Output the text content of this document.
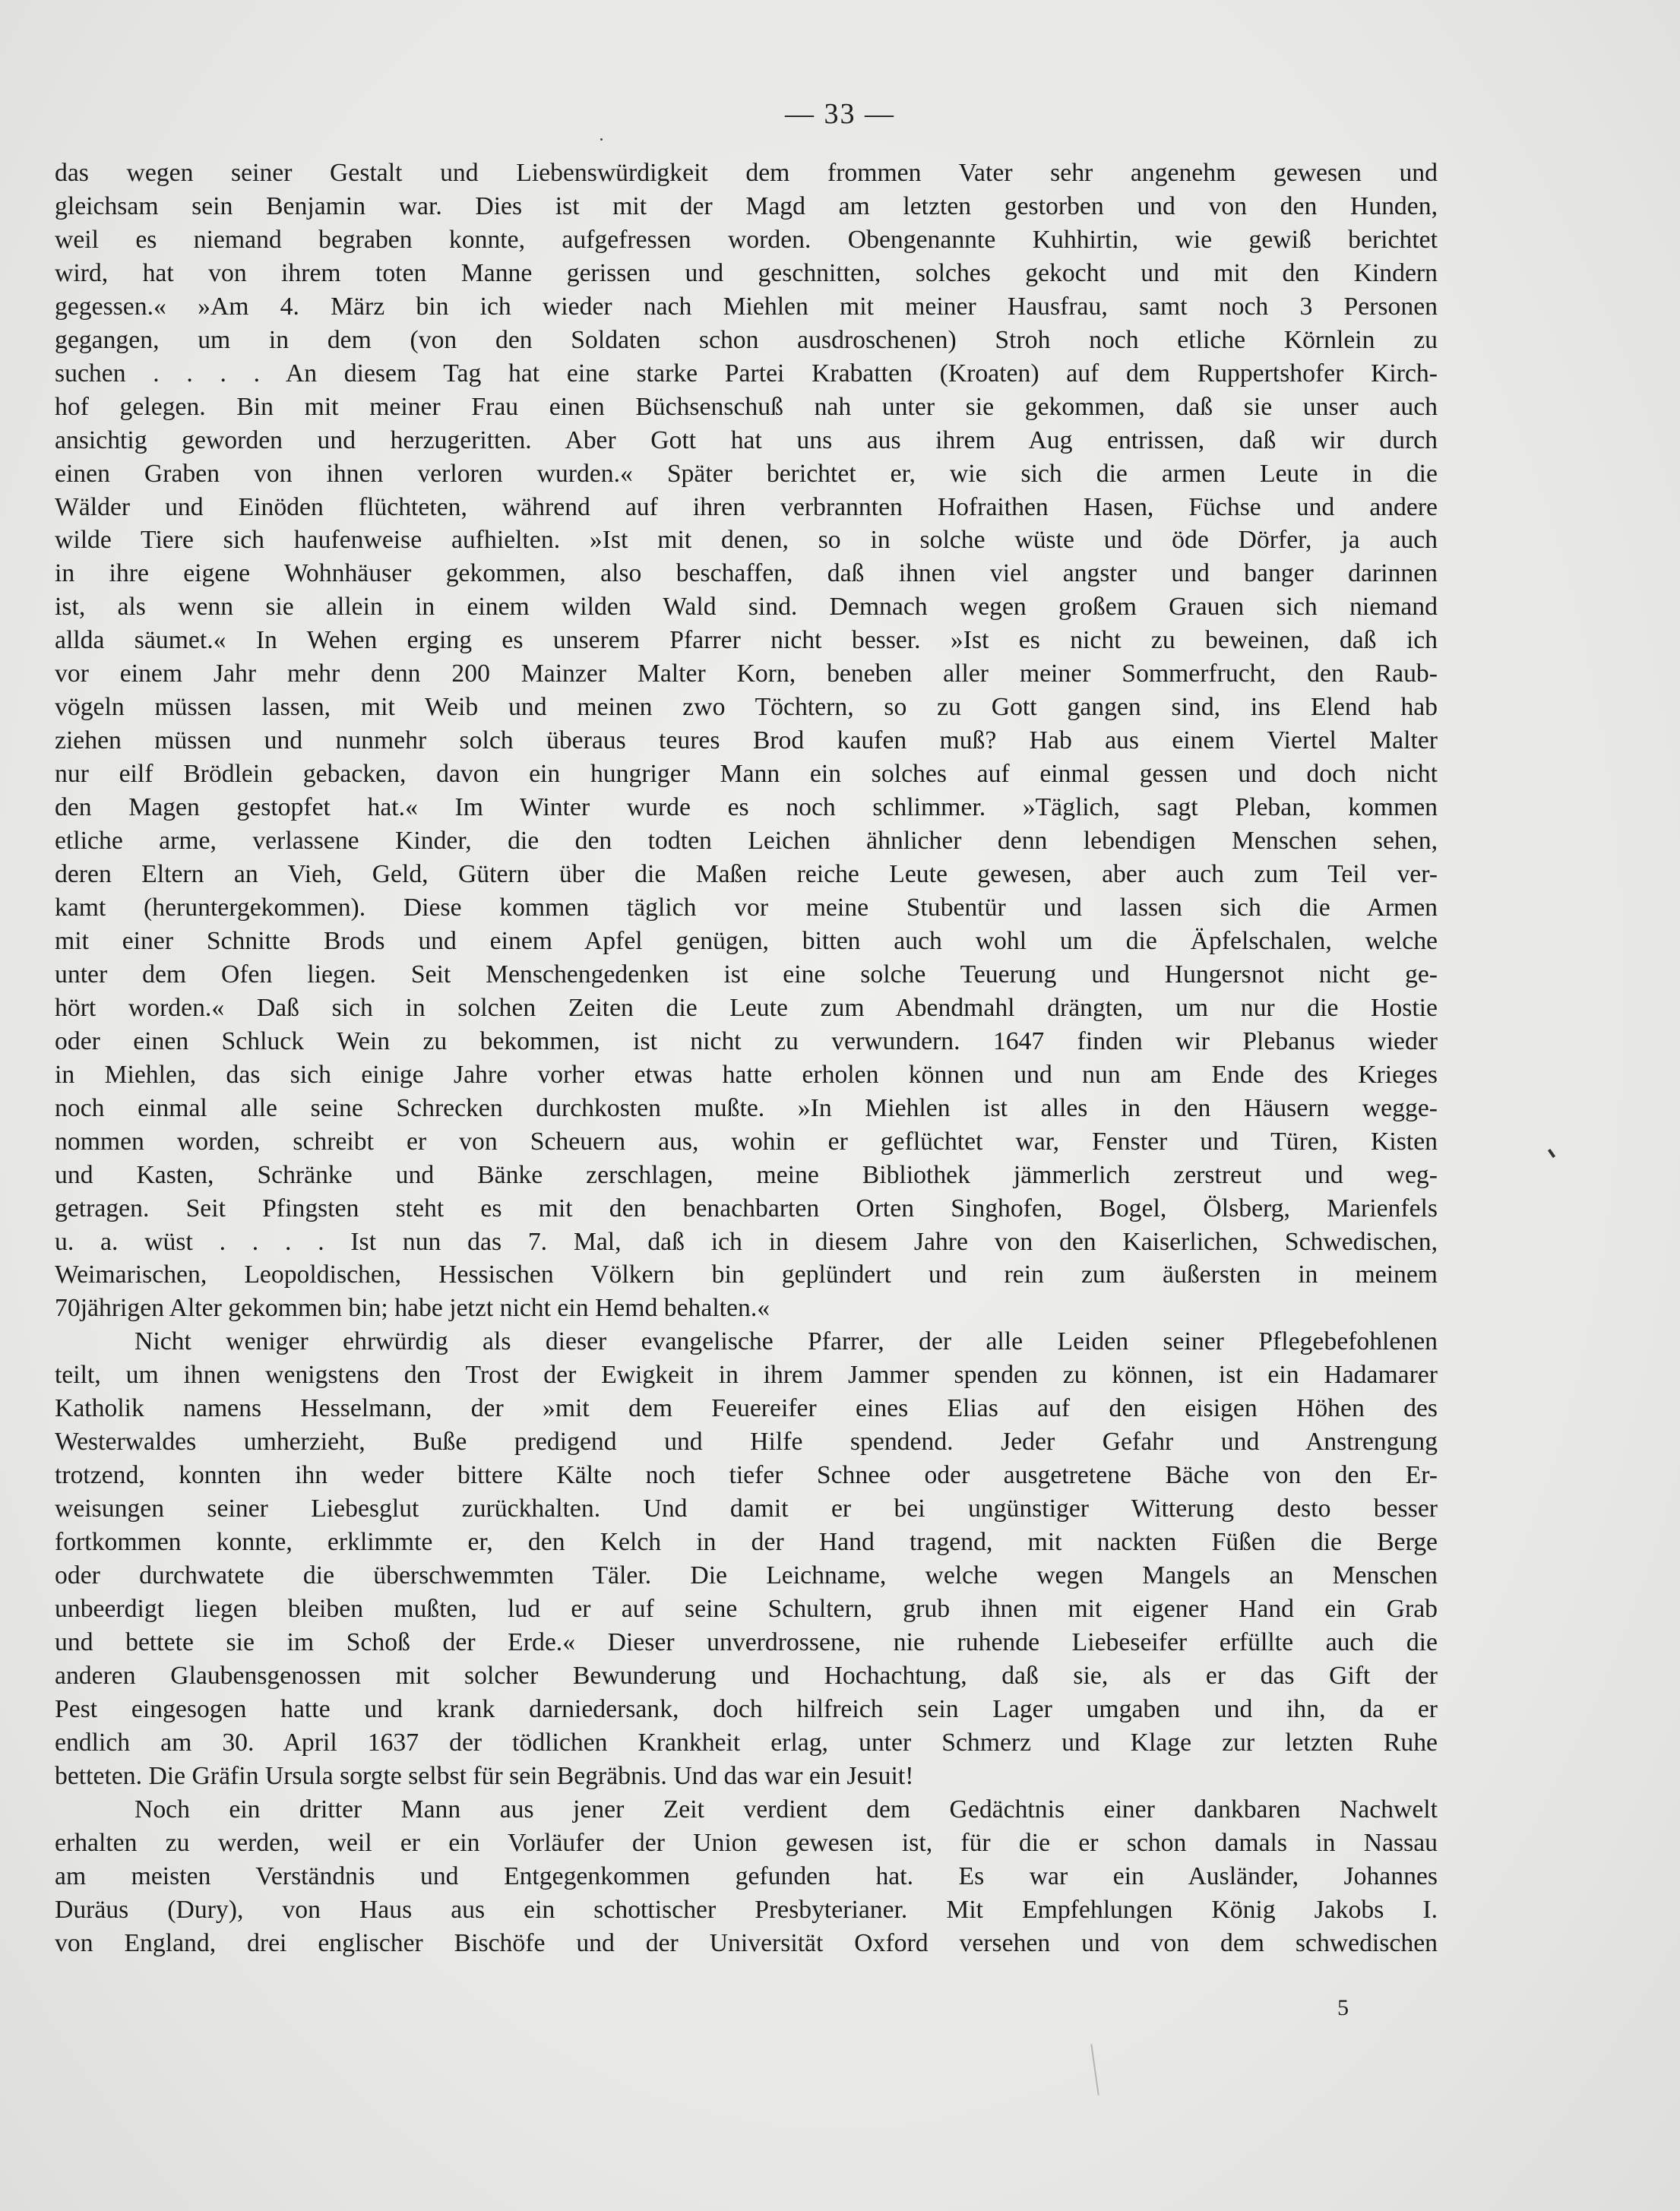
— 33 —
das wegen seiner Gestalt und Liebenswürdigkeit dem frommen Vater sehr angenehm gewesen und
gleichsam sein Benjamin war. Dies ist mit der Magd am letzten gestorben und von den Hunden,
weil es niemand begraben konnte, aufgefressen worden. Obengenannte Kuhhirtin, wie gewiß berichtet
wird, hat von ihrem toten Manne gerissen und geschnitten, solches gekocht und mit den Kindern
gegessen.« »Am 4. März bin ich wieder nach Miehlen mit meiner Hausfrau, samt noch 3 Personen
gegangen, um in dem (von den Soldaten schon ausdroschenen) Stroh noch etliche Körnlein zu
suchen . . . . An diesem Tag hat eine starke Partei Krabatten (Kroaten) auf dem Ruppertshofer Kirch-
hof gelegen. Bin mit meiner Frau einen Büchsenschuß nah unter sie gekommen, daß sie unser auch
ansichtig geworden und herzugeritten. Aber Gott hat uns aus ihrem Aug entrissen, daß wir durch
einen Graben von ihnen verloren wurden.« Später berichtet er, wie sich die armen Leute in die
Wälder und Einöden flüchteten, während auf ihren verbrannten Hofraithen Hasen, Füchse und andere
wilde Tiere sich haufenweise aufhielten. »Ist mit denen, so in solche wüste und öde Dörfer, ja auch
in ihre eigene Wohnhäuser gekommen, also beschaffen, daß ihnen viel angster und banger darinnen
ist, als wenn sie allein in einem wilden Wald sind. Demnach wegen großem Grauen sich niemand
allda säumet.« In Wehen erging es unserem Pfarrer nicht besser. »Ist es nicht zu beweinen, daß ich
vor einem Jahr mehr denn 200 Mainzer Malter Korn, beneben aller meiner Sommerfrucht, den Raub-
vögeln müssen lassen, mit Weib und meinen zwo Töchtern, so zu Gott gangen sind, ins Elend hab
ziehen müssen und nunmehr solch überaus teures Brod kaufen muß? Hab aus einem Viertel Malter
nur eilf Brödlein gebacken, davon ein hungriger Mann ein solches auf einmal gessen und doch nicht
den Magen gestopfet hat.« Im Winter wurde es noch schlimmer. »Täglich, sagt Pleban, kommen
etliche arme, verlassene Kinder, die den todten Leichen ähnlicher denn lebendigen Menschen sehen,
deren Eltern an Vieh, Geld, Gütern über die Maßen reiche Leute gewesen, aber auch zum Teil ver-
kamt (heruntergekommen). Diese kommen täglich vor meine Stubentür und lassen sich die Armen
mit einer Schnitte Brods und einem Apfel genügen, bitten auch wohl um die Äpfelschalen, welche
unter dem Ofen liegen. Seit Menschengedenken ist eine solche Teuerung und Hungersnot nicht ge-
hört worden.« Daß sich in solchen Zeiten die Leute zum Abendmahl drängten, um nur die Hostie
oder einen Schluck Wein zu bekommen, ist nicht zu verwundern. 1647 finden wir Plebanus wieder
in Miehlen, das sich einige Jahre vorher etwas hatte erholen können und nun am Ende des Krieges
noch einmal alle seine Schrecken durchkosten mußte. »In Miehlen ist alles in den Häusern wegge-
nommen worden, schreibt er von Scheuern aus, wohin er geflüchtet war, Fenster und Türen, Kisten
und Kasten, Schränke und Bänke zerschlagen, meine Bibliothek jämmerlich zerstreut und weg-
getragen. Seit Pfingsten steht es mit den benachbarten Orten Singhofen, Bogel, Ölsberg, Marienfels
u. a. wüst . . . . Ist nun das 7. Mal, daß ich in diesem Jahre von den Kaiserlichen, Schwedischen,
Weimarischen, Leopoldischen, Hessischen Völkern bin geplündert und rein zum äußersten in meinem
70jährigen Alter gekommen bin; habe jetzt nicht ein Hemd behalten.«
Nicht weniger ehrwürdig als dieser evangelische Pfarrer, der alle Leiden seiner Pflegebefohlenen
teilt, um ihnen wenigstens den Trost der Ewigkeit in ihrem Jammer spenden zu können, ist ein Hadamarer
Katholik namens Hesselmann, der »mit dem Feuereifer eines Elias auf den eisigen Höhen des
Westerwaldes umherzieht, Buße predigend und Hilfe spendend. Jeder Gefahr und Anstrengung
trotzend, konnten ihn weder bittere Kälte noch tiefer Schnee oder ausgetretene Bäche von den Er-
weisungen seiner Liebesglut zurückhalten. Und damit er bei ungünstiger Witterung desto besser
fortkommen konnte, erklimmte er, den Kelch in der Hand tragend, mit nackten Füßen die Berge
oder durchwatete die überschwemmten Täler. Die Leichname, welche wegen Mangels an Menschen
unbeerdigt liegen bleiben mußten, lud er auf seine Schultern, grub ihnen mit eigener Hand ein Grab
und bettete sie im Schoß der Erde.« Dieser unverdrossene, nie ruhende Liebeseifer erfüllte auch die
anderen Glaubensgenossen mit solcher Bewunderung und Hochachtung, daß sie, als er das Gift der
Pest eingesogen hatte und krank darniedersank, doch hilfreich sein Lager umgaben und ihn, da er
endlich am 30. April 1637 der tödlichen Krankheit erlag, unter Schmerz und Klage zur letzten Ruhe
betteten. Die Gräfin Ursula sorgte selbst für sein Begräbnis. Und das war ein Jesuit!
Noch ein dritter Mann aus jener Zeit verdient dem Gedächtnis einer dankbaren Nachwelt
erhalten zu werden, weil er ein Vorläufer der Union gewesen ist, für die er schon damals in Nassau
am meisten Verständnis und Entgegenkommen gefunden hat. Es war ein Ausländer, Johannes
Duräus (Dury), von Haus aus ein schottischer Presbyterianer. Mit Empfehlungen König Jakobs I.
von England, drei englischer Bischöfe und der Universität Oxford versehen und von dem schwedischen
5
